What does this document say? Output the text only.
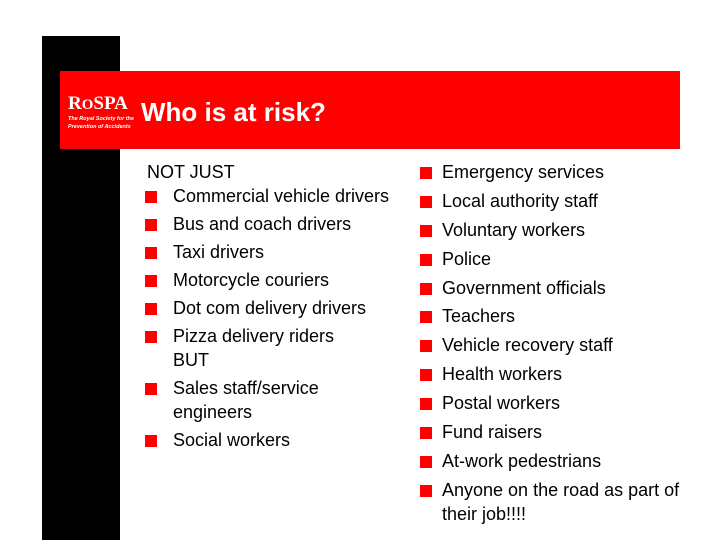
ROSPA
The Royal Society for the
Prevention of Accidents Who is at risk?
NOT JUST
Commercial vehicle drivers
Bus and coach drivers
Taxi drivers
Motorcycle couriers
Dot com delivery drivers
Pizza delivery riders
BUT
Sales staff/service engineers
Social workers
Emergency services
Local authority staff
Voluntary workers
Police
Government officials
Teachers
Vehicle recovery staff
Health workers
Postal workers
Fund raisers
At-work pedestrians
Anyone on the road as part of their job!!!!
